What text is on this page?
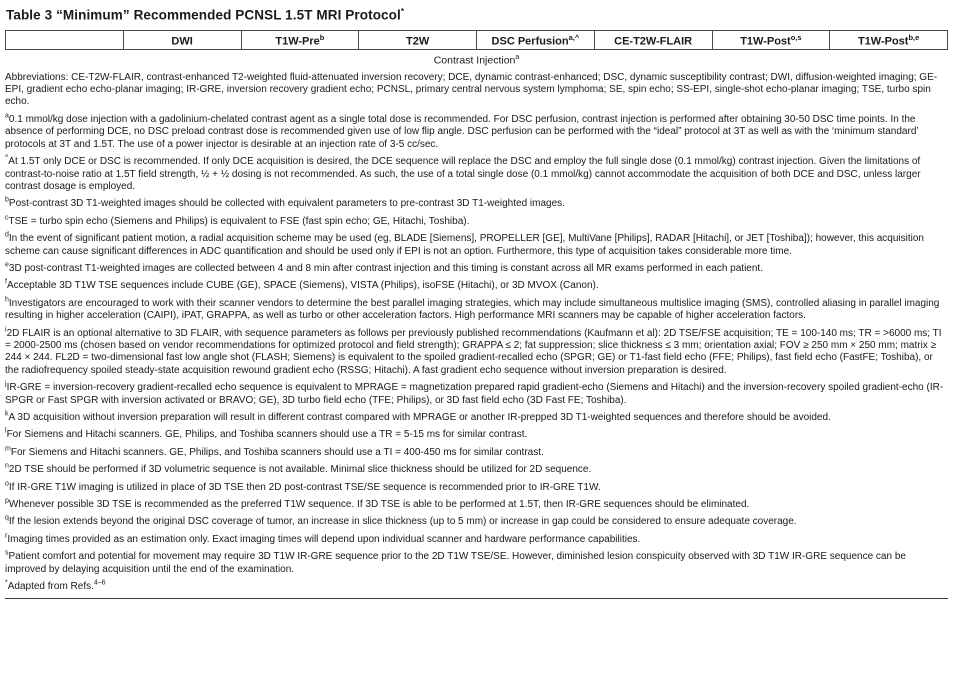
Table 3 “Minimum” Recommended PCNSL 1.5T MRI Protocol*
	DWI	T1W-Pre$^b$	T2W	DSC Perfusion$^{a,\^{}}$	CE-T2W-FLAIR	T1W-Post$^{o,s}$	T1W-Post$^{b,e}$
Contrast Injection$^a$

Abbreviations: CE-T2W-FLAIR, contrast-enhanced T2-weighted fluid-attenuated inversion recovery; DCE, dynamic contrast-enhanced; DSC, dynamic susceptibility contrast; DWI, diffusion-weighted imaging; GE-EPI, gradient echo echo-planar imaging; IR-GRE, inversion recovery gradient echo; PCNSL, primary central nervous system lymphoma; SE, spin echo; SS-EPI, single-shot echo-planar imaging; TSE, turbo spin echo.

$^a$0.1 mmol/kg dose injection with a gadolinium-chelated contrast agent as a single total dose is recommended. For DSC perfusion, contrast injection is performed after obtaining 30-50 DSC time points. In the absence of performing DCE, no DSC preload contrast dose is recommended given use of low flip angle. DSC perfusion can be performed with the “ideal” protocol at 3T as well as with the ‘minimum standard’ protocols at 3T and 1.5T. The use of a power injector is desirable at an injection rate of 3-5 cc/sec.

^At 1.5T only DCE or DSC is recommended. If only DCE acquisition is desired, the DCE sequence will replace the DSC and employ the full single dose (0.1 mmol/kg) contrast injection. Given the limitations of contrast-to-noise ratio at 1.5T field strength, ½ + ½ dosing is not recommended. As such, the use of a total single dose (0.1 mmol/kg) cannot accommodate the acquisition of both DCE and DSC, unless larger contrast dosage is employed.

$^b$Post-contrast 3D T1-weighted images should be collected with equivalent parameters to pre-contrast 3D T1-weighted images.

$^c$TSE = turbo spin echo (Siemens and Philips) is equivalent to FSE (fast spin echo; GE, Hitachi, Toshiba).

$^d$In the event of significant patient motion, a radial acquisition scheme may be used (eg, BLADE [Siemens], PROPELLER [GE], MultiVane [Philips], RADAR [Hitachi], or JET [Toshiba]); however, this acquisition scheme can cause significant differences in ADC quantification and should be used only if EPI is not an option. Furthermore, this type of acquisition takes considerable more time.

$^e$3D post-contrast T1-weighted images are collected between 4 and 8 min after contrast injection and this timing is constant across all MR exams performed in each patient.

$^f$Acceptable 3D T1W TSE sequences include CUBE (GE), SPACE (Siemens), VISTA (Philips), isoFSE (Hitachi), or 3D MVOX (Canon).

$^h$Investigators are encouraged to work with their scanner vendors to determine the best parallel imaging strategies, which may include simultaneous multislice imaging (SMS), controlled aliasing in parallel imaging resulting in higher acceleration (CAIPI), iPAT, GRAPPA, as well as turbo or other acceleration factors. High performance MRI scanners may be capable of higher acceleration factors.

$^i$2D FLAIR is an optional alternative to 3D FLAIR, with sequence parameters as follows per previously published recommendations (Kaufmann et al): 2D TSE/FSE acquisition; TE = 100-140 ms; TR = >6000 ms; TI = 2000-2500 ms (chosen based on vendor recommendations for optimized protocol and field strength); GRAPPA ≤ 2; fat suppression; slice thickness ≤ 3 mm; orientation axial; FOV ≥ 250 mm × 250 mm; matrix ≥ 244 × 244. FL2D = two-dimensional fast low angle shot (FLASH; Siemens) is equivalent to the spoiled gradient-recalled echo (SPGR; GE) or T1-fast field echo (FFE; Philips), fast field echo (FastFE; Toshiba), or the radiofrequency spoiled steady-state acquisition rewound gradient echo (RSSG; Hitachi). A fast gradient echo sequence without inversion preparation is desired.

$^j$IR-GRE = inversion-recovery gradient-recalled echo sequence is equivalent to MPRAGE = magnetization prepared rapid gradient-echo (Siemens and Hitachi) and the inversion-recovery spoiled gradient-echo (IR-SPGR or Fast SPGR with inversion activated or BRAVO; GE), 3D turbo field echo (TFE; Philips), or 3D fast field echo (3D Fast FE; Toshiba).

$^k$A 3D acquisition without inversion preparation will result in different contrast compared with MPRAGE or another IR-prepped 3D T1-weighted sequences and therefore should be avoided.

$^l$For Siemens and Hitachi scanners. GE, Philips, and Toshiba scanners should use a TR = 5-15 ms for similar contrast.

$^m$For Siemens and Hitachi scanners. GE, Philips, and Toshiba scanners should use a TI = 400-450 ms for similar contrast.

$^n$2D TSE should be performed if 3D volumetric sequence is not available. Minimal slice thickness should be utilized for 2D sequence.

$^o$If IR-GRE T1W imaging is utilized in place of 3D TSE then 2D post-contrast TSE/SE sequence is recommended prior to IR-GRE T1W.

$^p$Whenever possible 3D TSE is recommended as the preferred T1W sequence. If 3D TSE is able to be performed at 1.5T, then IR-GRE sequences should be eliminated.

$^q$If the lesion extends beyond the original DSC coverage of tumor, an increase in slice thickness (up to 5 mm) or increase in gap could be considered to ensure adequate coverage.

$^r$Imaging times provided as an estimation only. Exact imaging times will depend upon individual scanner and hardware performance capabilities.

$^s$Patient comfort and potential for movement may require 3D T1W IR-GRE sequence prior to the 2D T1W TSE/SE. However, diminished lesion conspicuity observed with 3D T1W IR-GRE sequence can be improved by delaying acquisition until the end of the examination.

*Adapted from Refs.$^{4-6}$
